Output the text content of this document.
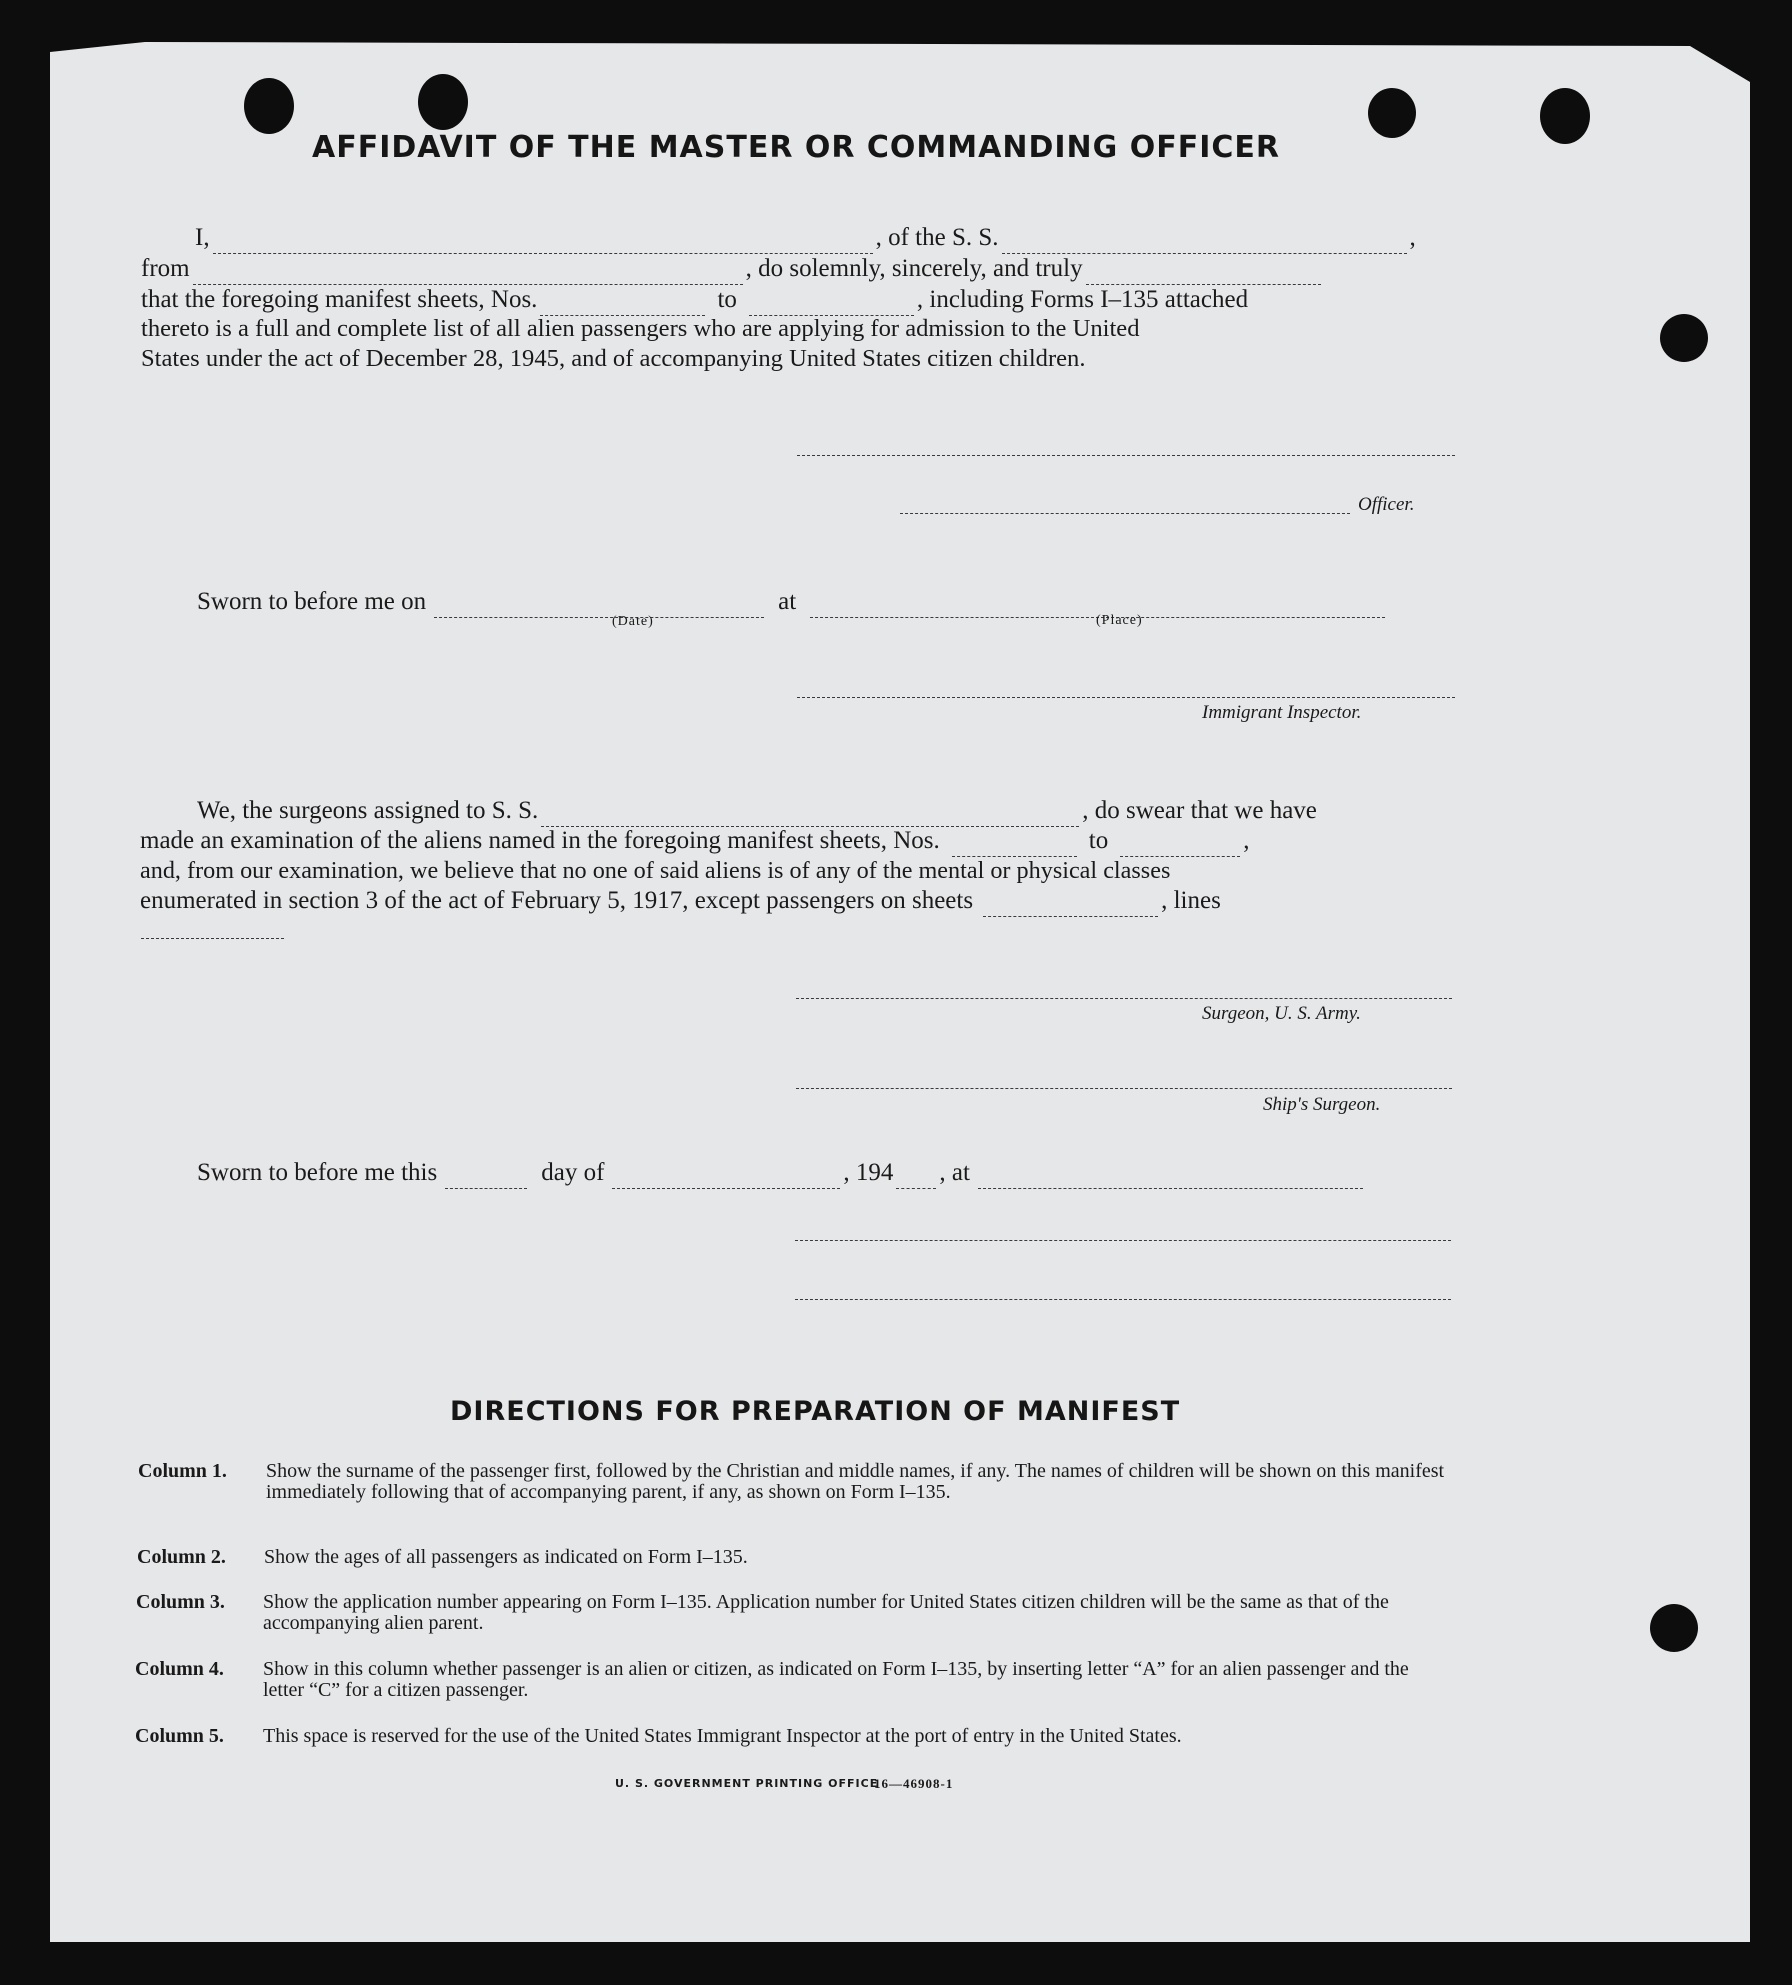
AFFIDAVIT OF THE MASTER OR COMMANDING OFFICER
I,	, of the S. S.	,
from	, do solemnly, sincerely, and truly
that the foregoing manifest sheets, Nos.	to	, including Forms I–135 attached
thereto is a full and complete list of all alien passengers who are applying for admission to the United
States under the act of December 28, 1945, and of accompanying United States citizen children.
Officer.
Sworn to before me on	at
(Date)	(Place)
Immigrant Inspector.
We, the surgeons assigned to S. S.	, do swear that we have
made an examination of the aliens named in the foregoing manifest sheets, Nos.	to	,
and, from our examination, we believe that no one of said aliens is of any of the mental or physical classes
enumerated in section 3 of the act of February 5, 1917, except passengers on sheets	, lines
Surgeon, U. S. Army.
Ship's Surgeon.
Sworn to before me this	day of	, 194 , at
DIRECTIONS FOR PREPARATION OF MANIFEST
Column 1. Show the surname of the passenger first, followed by the Christian and middle names, if any. The names of children will be shown on this manifest immediately following that of accompanying parent, if any, as shown on Form I–135.
Column 2. Show the ages of all passengers as indicated on Form I–135.
Column 3. Show the application number appearing on Form I–135. Application number for United States citizen children will be the same as that of the accompanying alien parent.
Column 4. Show in this column whether passenger is an alien or citizen, as indicated on Form I–135, by inserting letter “A” for an alien passenger and the letter “C” for a citizen passenger.
Column 5. This space is reserved for the use of the United States Immigrant Inspector at the port of entry in the United States.
U. S. GOVERNMENT PRINTING OFFICE
16—46908-1
